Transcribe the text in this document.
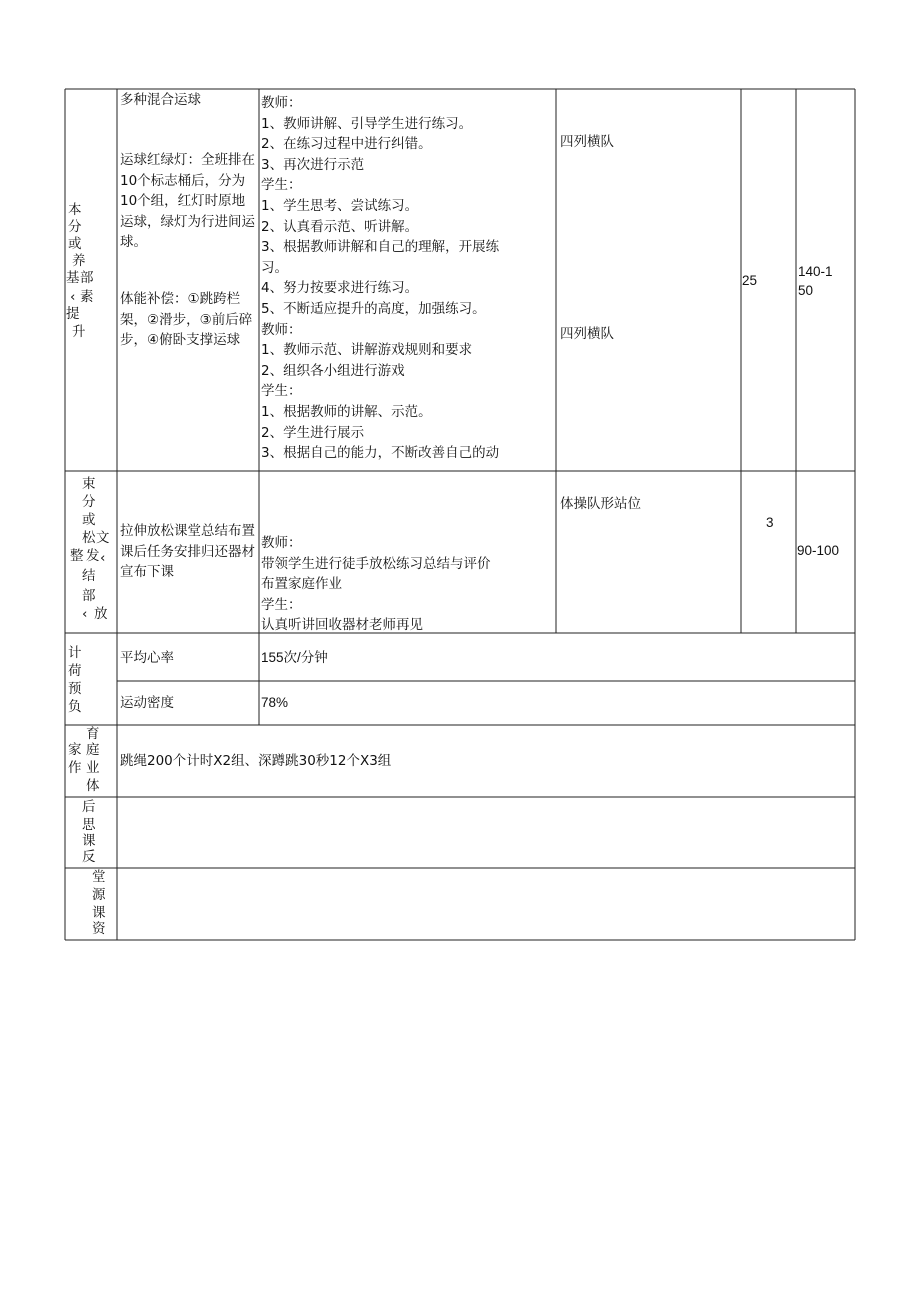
本
分
或
养
基 部
‹ 素
提
升
多种混合运球
运球红绿灯：全班排在10个标志桶后，分为10个组，红灯时原地运球，绿灯为行进间运球。
体能补偿：①跳跨栏架，②滑步，③前后碎步，④俯卧支撑运球
教师：
1、教师讲解、引导学生进行练习。
2、在练习过程中进行纠错。
3、再次进行示范
学生：
1、学生思考、尝试练习。
2、认真看示范、听讲解。
3、根据教师讲解和自己的理解，开展练
习。
4、努力按要求进行练习。
5、不断适应提升的高度，加强练习。
教师：
1、教师示范、讲解游戏规则和要求
2、组织各小组进行游戏
学生：
1、根据教师的讲解、示范。
2、学生进行展示
3、根据自己的能力，不断改善自己的动
四列横队
四列横队
25
140-1
50
束
分
或
松 文
整 发 ‹
结
部
‹ 放
拉伸放松课堂总结布置课后任务安排归还器材宣布下课
教师：
带领学生进行徒手放松练习总结与评价
布置家庭作业
学生：
认真听讲回收器材老师再见
体操队形站位
3
90-100
计
荷
预
负
平均心率	155次/分钟
运动密度	78%
育
家 庭
作 业
体
跳绳200个计时X2组、深蹲跳30秒12个X3组
后
思
课
反
堂
源
课
资
